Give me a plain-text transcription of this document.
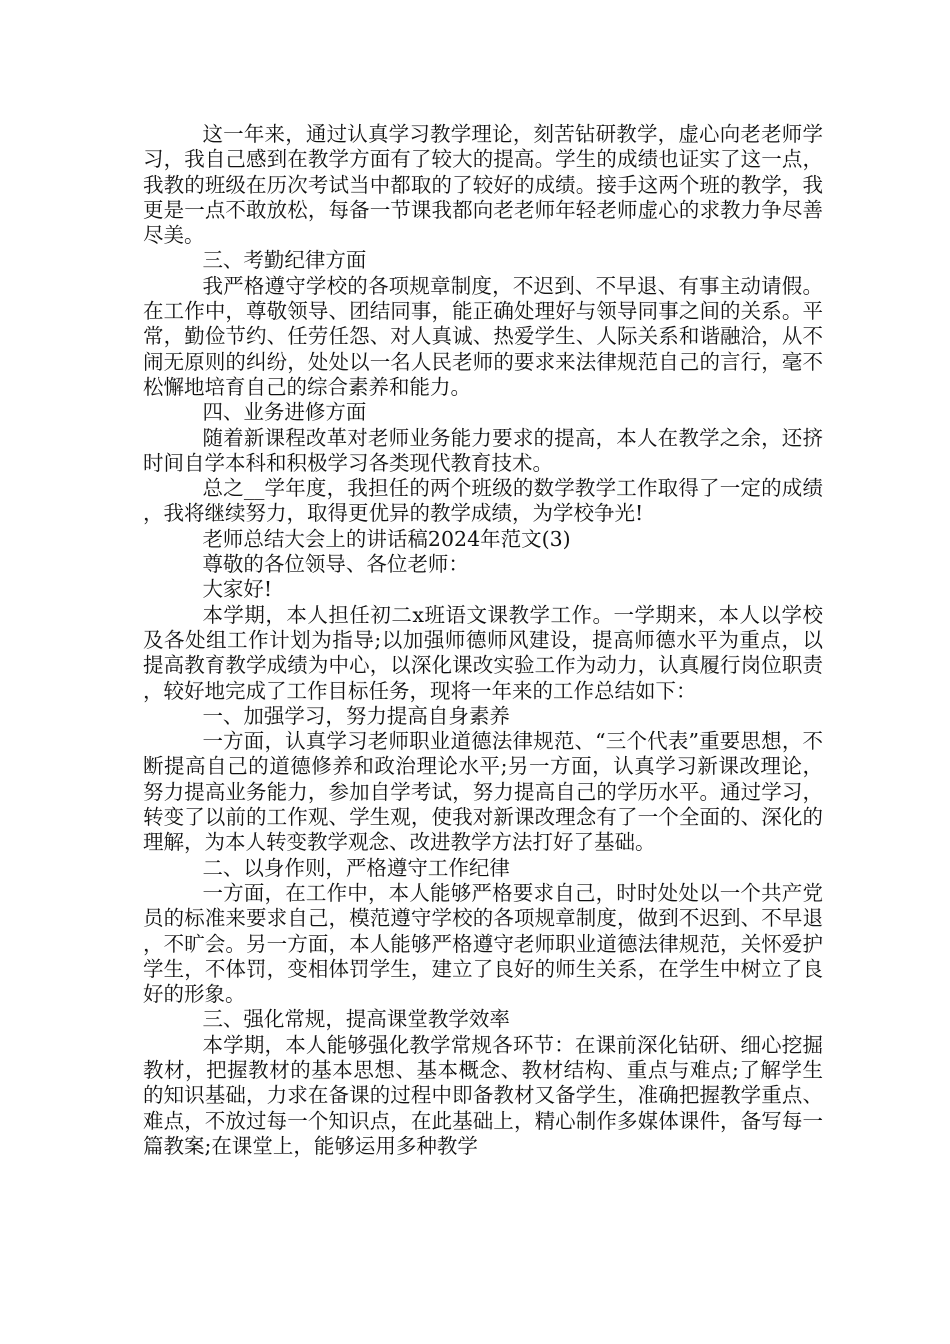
这一年来，通过认真学习教学理论，刻苦钻研教学，虚心向老老师学习，我自己感到在教学方面有了较大的提高。学生的成绩也证实了这一点，我教的班级在历次考试当中都取的了较好的成绩。接手这两个班的教学，我更是一点不敢放松，每备一节课我都向老老师年轻老师虚心的求教力争尽善尽美。

三、考勤纪律方面

我严格遵守学校的各项规章制度，不迟到、不早退、有事主动请假。在工作中，尊敬领导、团结同事，能正确处理好与领导同事之间的关系。平常，勤俭节约、任劳任怨、对人真诚、热爱学生、人际关系和谐融洽，从不闹无原则的纠纷，处处以一名人民老师的要求来法律规范自己的言行，毫不松懈地培育自己的综合素养和能力。

四、业务进修方面

随着新课程改革对老师业务能力要求的提高，本人在教学之余，还挤时间自学本科和积极学习各类现代教育技术。

总之__学年度，我担任的两个班级的数学教学工作取得了一定的成绩，我将继续努力，取得更优异的教学成绩，为学校争光!

老师总结大会上的讲话稿2024年范文(3)

尊敬的各位领导、各位老师：

大家好!

本学期，本人担任初二x班语文课教学工作。一学期来，本人以学校及各处组工作计划为指导;以加强师德师风建设，提高师德水平为重点，以提高教育教学成绩为中心，以深化课改实验工作为动力，认真履行岗位职责，较好地完成了工作目标任务，现将一年来的工作总结如下：

一、加强学习，努力提高自身素养

一方面，认真学习老师职业道德法律规范、“三个代表”重要思想，不断提高自己的道德修养和政治理论水平;另一方面，认真学习新课改理论，努力提高业务能力，参加自学考试，努力提高自己的学历水平。通过学习，转变了以前的工作观、学生观，使我对新课改理念有了一个全面的、深化的理解，为本人转变教学观念、改进教学方法打好了基础。

二、以身作则，严格遵守工作纪律

一方面，在工作中，本人能够严格要求自己，时时处处以一个共产党员的标准来要求自己，模范遵守学校的各项规章制度，做到不迟到、不早退，不旷会。另一方面，本人能够严格遵守老师职业道德法律规范，关怀爱护学生，不体罚，变相体罚学生，建立了良好的师生关系，在学生中树立了良好的形象。

三、强化常规，提高课堂教学效率

本学期，本人能够强化教学常规各环节：在课前深化钻研、细心挖掘教材，把握教材的基本思想、基本概念、教材结构、重点与难点;了解学生的知识基础，力求在备课的过程中即备教材又备学生，准确把握教学重点、难点，不放过每一个知识点，在此基础上，精心制作多媒体课件，备写每一篇教案;在课堂上，能够运用多种教学
